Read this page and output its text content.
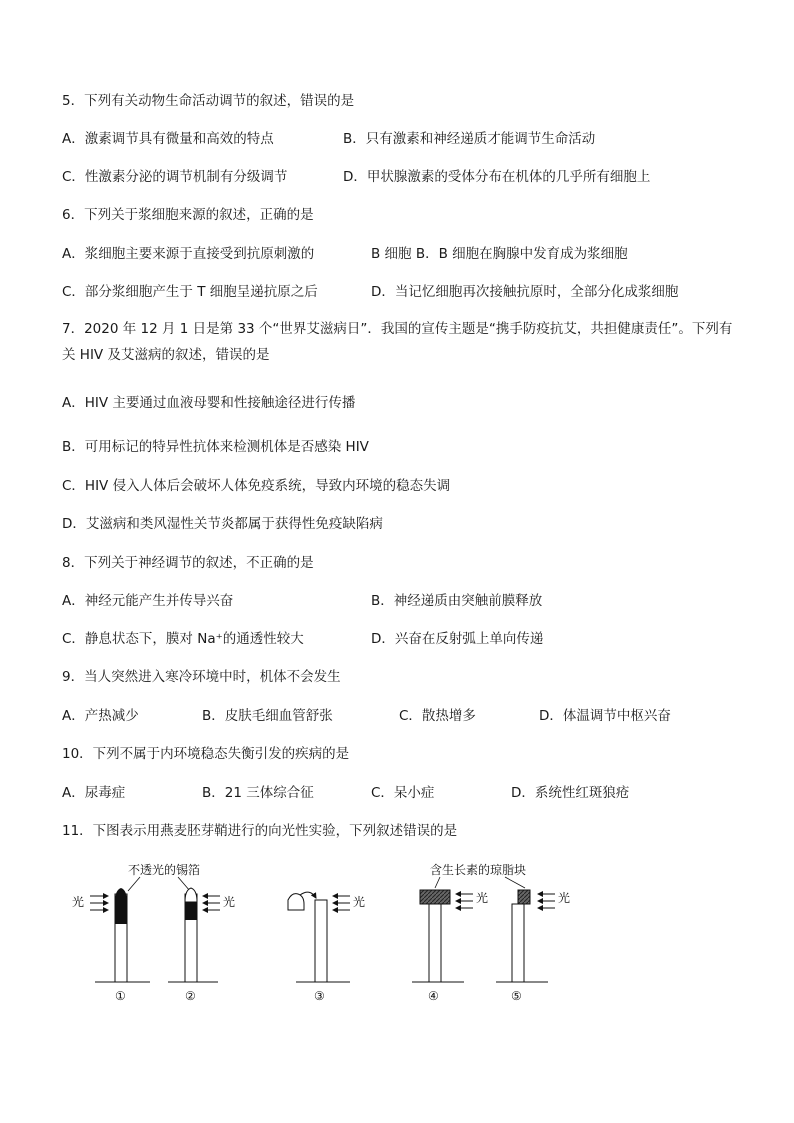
5．下列有关动物生命活动调节的叙述，错误的是
A．激素调节具有微量和高效的特点	B．只有激素和神经递质才能调节生命活动
C．性激素分泌的调节机制有分级调节	D．甲状腺激素的受体分布在机体的几乎所有细胞上
6．下列关于浆细胞来源的叙述，正确的是
A．浆细胞主要来源于直接受到抗原刺激的	B 细胞 B．B 细胞在胸腺中发育成为浆细胞
C．部分浆细胞产生于 T 细胞呈递抗原之后	D．当记忆细胞再次接触抗原时，全部分化成浆细胞
7．2020 年 12 月 1 日是第 33 个“世界艾滋病日”．我国的宣传主题是“携手防疫抗艾，共担健康责任”。下列有
关 HIV 及艾滋病的叙述，错误的是
A．HIV 主要通过血液母婴和性接触途径进行传播
B．可用标记的特异性抗体来检测机体是否感染 HIV
C．HIV 侵入人体后会破坏人体免疫系统，导致内环境的稳态失调
D．艾滋病和类风湿性关节炎都属于获得性免疫缺陷病
8．下列关于神经调节的叙述，不正确的是
A．神经元能产生并传导兴奋	B．神经递质由突触前膜释放
C．静息状态下，膜对 Na⁺的通透性较大	D．兴奋在反射弧上单向传递
9．当人突然进入寒冷环境中时，机体不会发生
A．产热减少	B．皮肤毛细血管舒张	C．散热增多	D．体温调节中枢兴奋
10．下列不属于内环境稳态失衡引发的疾病的是
A．尿毒症	B．21 三体综合征	C．呆小症	D．系统性红斑狼疮
11．下图表示用燕麦胚芽鞘进行的向光性实验，下列叙述错误的是
不透光的锡箔	含生长素的琼脂块
光
①
光
②
光
③
光
④
光
⑤
